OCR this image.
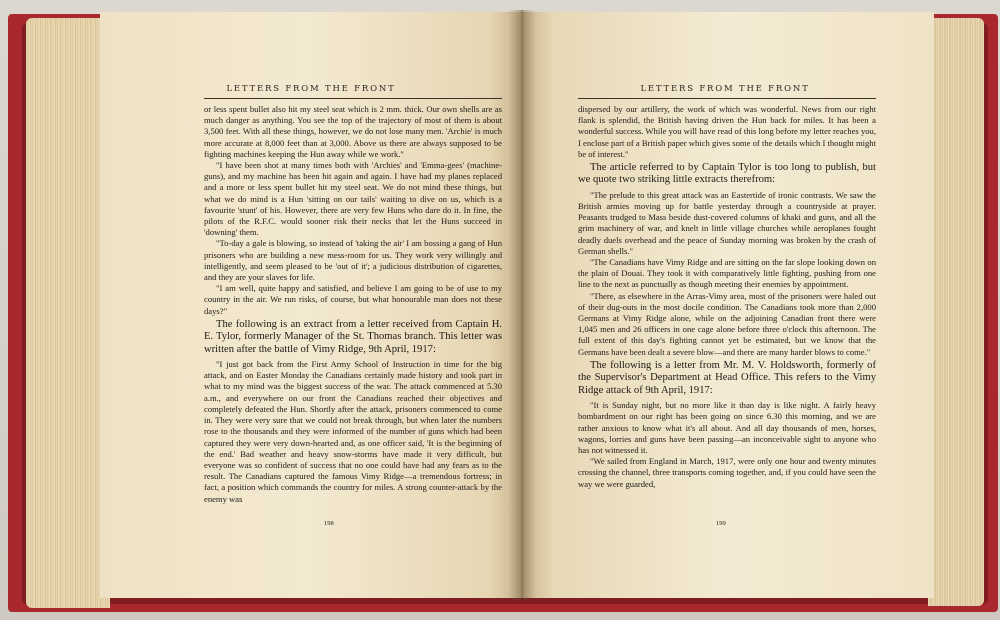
LETTERS FROM THE FRONT

or less spent bullet also hit my steel seat which is 2 mm. thick. Our own shells are as much danger as anything. You see the top of the trajectory of most of them is about 3,500 feet. With all these things, however, we do not lose many men. 'Archie' is much more accurate at 8,000 feet than at 3,000. Above us there are always supposed to be fighting machines keeping the Hun away while we work."

"I have been shot at many times both with 'Archies' and 'Emma-gees' (machine-guns), and my machine has been hit again and again. I have had my planes replaced and a more or less spent bullet hit my steel seat. We do not mind these things, but what we do mind is a Hun 'sitting on our tails' waiting to dive on us, which is a favourite 'stunt' of his. However, there are very few Huns who dare do it. In fine, the pilots of the R.F.C. would sooner risk their necks that let the Huns succeed in 'downing' them.

"To-day a gale is blowing, so instead of 'taking the air' I am bossing a gang of Hun prisoners who are building a new mess-room for us. They work very willingly and intelligently, and seem pleased to be 'out of it'; a judicious distribution of cigarettes, and they are your slaves for life.

"I am well, quite happy and satisfied, and believe I am going to be of use to my country in the air. We run risks, of course, but what honourable man does not these days?"

The following is an extract from a letter received from Captain H. E. Tylor, formerly Manager of the St. Thomas branch. This letter was written after the battle of Vimy Ridge, 9th April, 1917:

"I just got back from the First Army School of Instruction in time for the big attack, and on Easter Monday the Canadians certainly made history and took part in what to my mind was the biggest success of the war. The attack commenced at 5.30 a.m., and everywhere on our front the Canadians reached their objectives and completely defeated the Hun. Shortly after the attack, prisoners commenced to come in. They were very sure that we could not break through, but when later the numbers rose to the thousands and they were informed of the number of guns which had been captured they were very down-hearted and, as one officer said, 'It is the beginning of the end.' Bad weather and heavy snow-storms have made it very difficult, but everyone was so confident of success that no one could have had any fears as to the result. The Canadians captured the famous Vimy Ridge—a tremendous fortress; in fact, a position which commands the country for miles. A strong counter-attack by the enemy was

198
LETTERS FROM THE FRONT

dispersed by our artillery, the work of which was wonderful. News from our right flank is splendid, the British having driven the Hun back for miles. It has been a wonderful success. While you will have read of this long before my letter reaches you, I enclose part of a British paper which gives some of the details which I thought might be of interest."

The article referred to by Captain Tylor is too long to publish, but we quote two striking little extracts therefrom:

"The prelude to this great attack was an Eastertide of ironic contrasts. We saw the British armies moving up for battle yesterday through a countryside at prayer. Peasants trudged to Mass beside dust-covered columns of khaki and guns, and all the grim machinery of war, and knelt in little village churches while aeroplanes fought deadly duels overhead and the peace of Sunday morning was broken by the crash of German shells."

"The Canadians have Vimy Ridge and are sitting on the far slope looking down on the plain of Douai. They took it with comparatively little fighting, pushing from one line to the next as punctually as though meeting their enemies by appointment.

"There, as elsewhere in the Arras-Vimy area, most of the prisoners were haled out of their dug-outs in the most docile condition. The Canadians took more than 2,000 Germans at Vimy Ridge alone, while on the adjoining Canadian front there were 1,045 men and 26 officers in one cage alone before three o'clock this afternoon. The full extent of this day's fighting cannot yet be estimated, but we know that the Germans have been dealt a severe blow—and there are many harder blows to come."

The following is a letter from Mr. M. V. Holdsworth, formerly of the Supervisor's Department at Head Office. This refers to the Vimy Ridge attack of 9th April, 1917:

"It is Sunday night, but no more like it than day is like night. A fairly heavy bombardment on our right has been going on since 6.30 this morning, and we are rather anxious to know what it's all about. And all day thousands of men, horses, wagons, lorries and guns have been passing—an inconceivable sight to anyone who has not witnessed it.

"We sailed from England in March, 1917, were only one hour and twenty minutes crossing the channel, three transports coming together, and, if you could have seen the way we were guarded,

199
